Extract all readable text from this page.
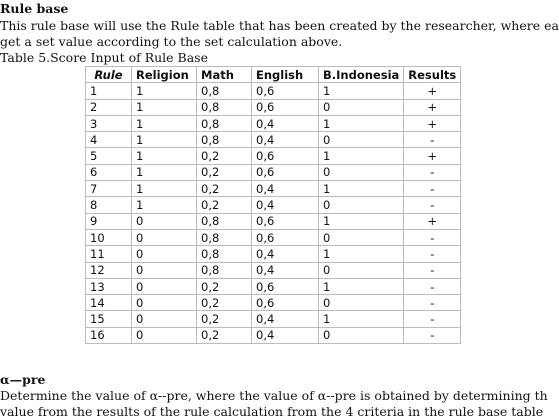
Rule base
This rule base will use the Rule table that has been created by the researcher, where ea
get a set value according to the set calculation above.
Table 5.Score Input of Rule Base
Rule	Religion	Math	English	B.Indonesia	Results
1	1	0,8	0,6	1	+
2	1	0,8	0,6	0	+
3	1	0,8	0,4	1	+
4	1	0,8	0,4	0	-
5	1	0,2	0,6	1	+
6	1	0,2	0,6	0	-
7	1	0,2	0,4	1	-
8	1	0,2	0,4	0	-
9	0	0,8	0,6	1	+
10	0	0,8	0,6	0	-
11	0	0,8	0,4	1	-
12	0	0,8	0,4	0	-
13	0	0,2	0,6	1	-
14	0	0,2	0,6	0	-
15	0	0,2	0,4	1	-
16	0	0,2	0,4	0	-
α—pre
Determine the value of α--pre, where the value of α--pre is obtained by determining th
value from the results of the rule calculation from the 4 criteria in the rule base table
